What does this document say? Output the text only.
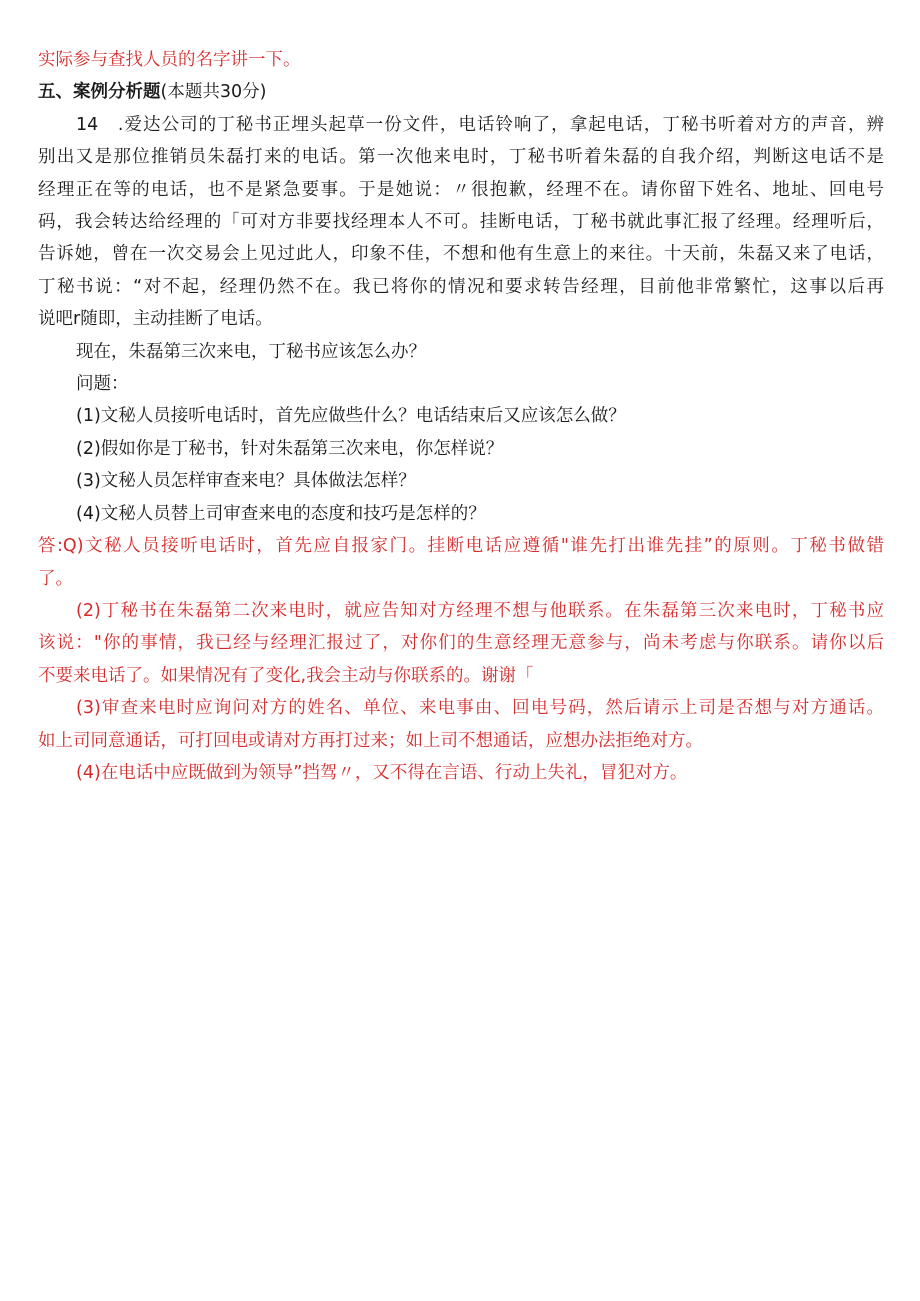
实际参与查找人员的名字讲一下。
五、案例分析题(本题共30分)
14　.爱达公司的丁秘书正埋头起草一份文件，电话铃响了，拿起电话，丁秘书听着对方的声音，辨
别出又是那位推销员朱磊打来的电话。第一次他来电时，丁秘书听着朱磊的自我介绍，判断这电话不是
经理正在等的电话，也不是紧急要事。于是她说：〃很抱歉，经理不在。请你留下姓名、地址、回电号
码，我会转达给经理的「可对方非要找经理本人不可。挂断电话，丁秘书就此事汇报了经理。经理听后，
告诉她，曾在一次交易会上见过此人，印象不佳，不想和他有生意上的来往。十天前，朱磊又来了电话，
丁秘书说：“对不起，经理仍然不在。我已将你的情况和要求转告经理，目前他非常繁忙，这事以后再
说吧r随即，主动挂断了电话。
现在，朱磊第三次来电，丁秘书应该怎么办？
问题：
(1)文秘人员接听电话时，首先应做些什么？电话结束后又应该怎么做？
(2)假如你是丁秘书，针对朱磊第三次来电，你怎样说？
(3)文秘人员怎样审查来电？具体做法怎样？
(4)文秘人员替上司审查来电的态度和技巧是怎样的？
答:Q)文秘人员接听电话时，首先应自报家门。挂断电话应遵循"谁先打出谁先挂”的原则。丁秘书做错
了。
(2)丁秘书在朱磊第二次来电时，就应告知对方经理不想与他联系。在朱磊第三次来电时，丁秘书应
该说："你的事情，我已经与经理汇报过了，对你们的生意经理无意参与，尚未考虑与你联系。请你以后
不要来电话了。如果情况有了变化,我会主动与你联系的。谢谢「
(3)审查来电时应询问对方的姓名、单位、来电事由、回电号码，然后请示上司是否想与对方通话。
如上司同意通话，可打回电或请对方再打过来；如上司不想通话，应想办法拒绝对方。
(4)在电话中应既做到为领导”挡驾〃，又不得在言语、行动上失礼，冒犯对方。
